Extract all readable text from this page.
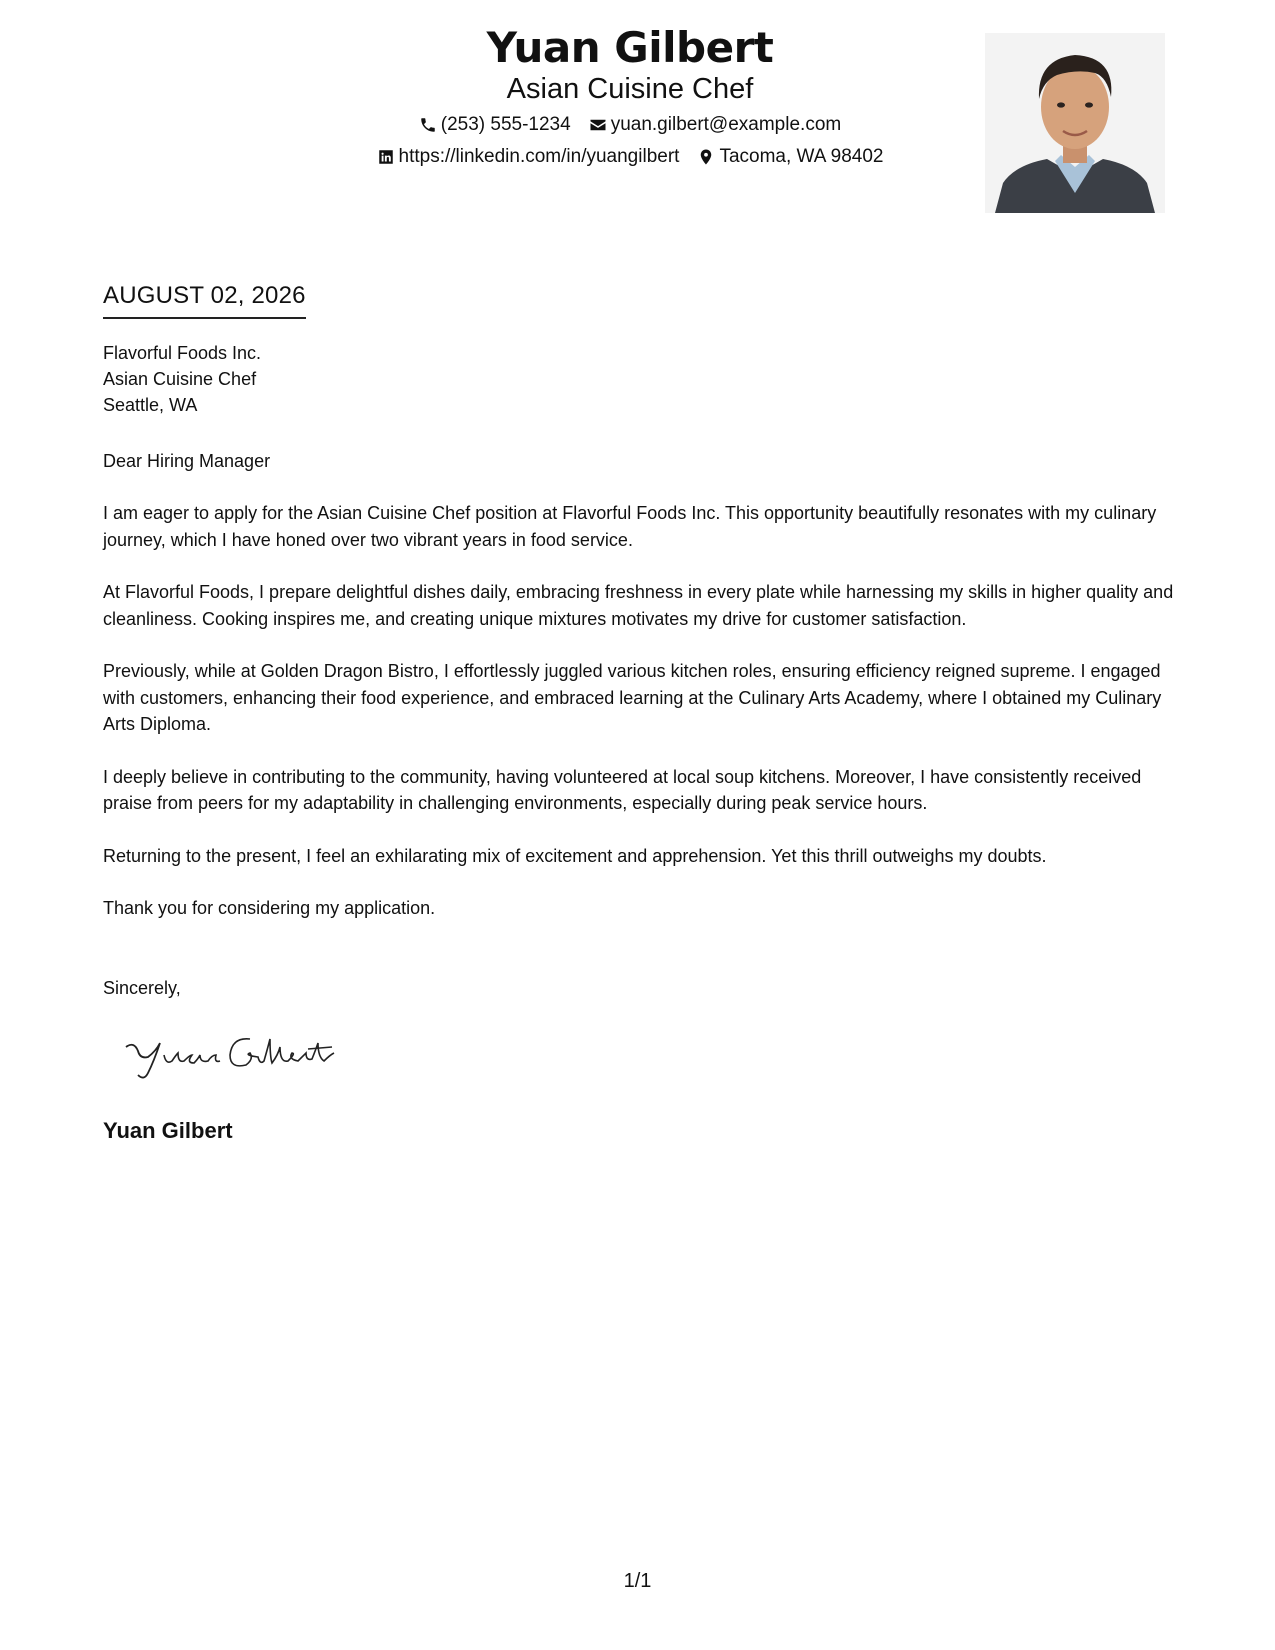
Yuan Gilbert
Asian Cuisine Chef
(253) 555-1234 yuan.gilbert@example.com
https://linkedin.com/in/yuangilbert Tacoma, WA 98402
AUGUST 02, 2026
Flavorful Foods Inc.
Asian Cuisine Chef
Seattle, WA
Dear Hiring Manager

I am eager to apply for the Asian Cuisine Chef position at Flavorful Foods Inc. This opportunity beautifully resonates with my culinary journey, which I have honed over two vibrant years in food service.

At Flavorful Foods, I prepare delightful dishes daily, embracing freshness in every plate while harnessing my skills in higher quality and cleanliness. Cooking inspires me, and creating unique mixtures motivates my drive for customer satisfaction.

Previously, while at Golden Dragon Bistro, I effortlessly juggled various kitchen roles, ensuring efficiency reigned supreme. I engaged with customers, enhancing their food experience, and embraced learning at the Culinary Arts Academy, where I obtained my Culinary Arts Diploma.

I deeply believe in contributing to the community, having volunteered at local soup kitchens. Moreover, I have consistently received praise from peers for my adaptability in challenging environments, especially during peak service hours.

Returning to the present, I feel an exhilarating mix of excitement and apprehension. Yet this thrill outweighs my doubts.

Thank you for considering my application.

Sincerely,
Yuan Gilbert
1/1
